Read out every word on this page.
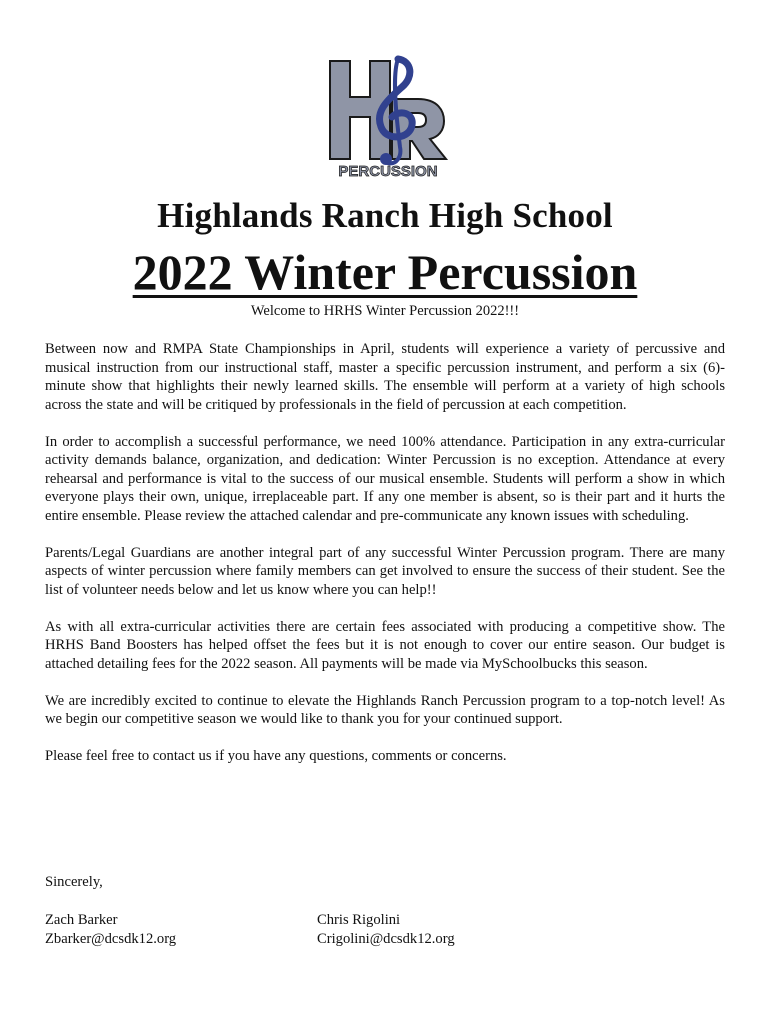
PERCUSSION
Highlands Ranch High School
2022 Winter Percussion
Welcome to HRHS Winter Percussion 2022!!!

Between now and RMPA State Championships in April, students will experience a variety of percussive and musical instruction from our instructional staff, master a specific percussion instrument, and perform a six (6)-minute show that highlights their newly learned skills. The ensemble will perform at a variety of high schools across the state and will be critiqued by professionals in the field of percussion at each competition.

In order to accomplish a successful performance, we need 100% attendance. Participation in any extra-curricular activity demands balance, organization, and dedication: Winter Percussion is no exception. Attendance at every rehearsal and performance is vital to the success of our musical ensemble. Students will perform a show in which everyone plays their own, unique, irreplaceable part. If any one member is absent, so is their part and it hurts the entire ensemble. Please review the attached calendar and pre-communicate any known issues with scheduling.

Parents/Legal Guardians are another integral part of any successful Winter Percussion program. There are many aspects of winter percussion where family members can get involved to ensure the success of their student. See the list of volunteer needs below and let us know where you can help!!

As with all extra-curricular activities there are certain fees associated with producing a competitive show. The HRHS Band Boosters has helped offset the fees but it is not enough to cover our entire season. Our budget is attached detailing fees for the 2022 season. All payments will be made via MySchoolbucks this season.

We are incredibly excited to continue to elevate the Highlands Ranch Percussion program to a top-notch level! As we begin our competitive season we would like to thank you for your continued support.

Please feel free to contact us if you have any questions, comments or concerns.

Sincerely,
Zach Barker
Zbarker@dcsdk12.org
Chris Rigolini
Crigolini@dcsdk12.org
